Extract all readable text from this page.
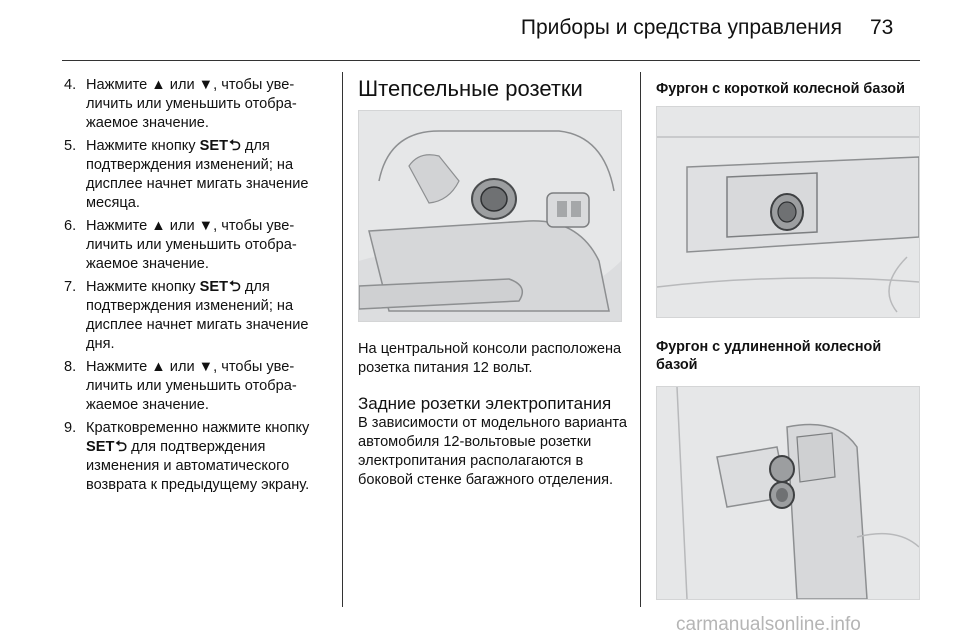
Приборы и средства управления 73
4. Нажмите ▲ или ▼, чтобы увеличить или уменьшить отображаемое значение.
5. Нажмите кнопку SET⮌ для подтверждения изменений; на дисплее начнет мигать значение месяца.
6. Нажмите ▲ или ▼, чтобы увеличить или уменьшить отображаемое значение.
7. Нажмите кнопку SET⮌ для подтверждения изменений; на дисплее начнет мигать значение дня.
8. Нажмите ▲ или ▼, чтобы увеличить или уменьшить отображаемое значение.
9. Кратковременно нажмите кнопку SET⮌ для подтверждения изменения и автоматического возврата к предыдущему экрану.
Штепсельные розетки

На центральной консоли расположена розетка питания 12 вольт.

Задние розетки электропитания

В зависимости от модельного варианта автомобиля 12-вольтовые розетки электропитания располагаются в боковой стенке багажного отделения.

Фургон с короткой колесной базой

Фургон с удлиненной колесной базой

carmanualsonline.info
